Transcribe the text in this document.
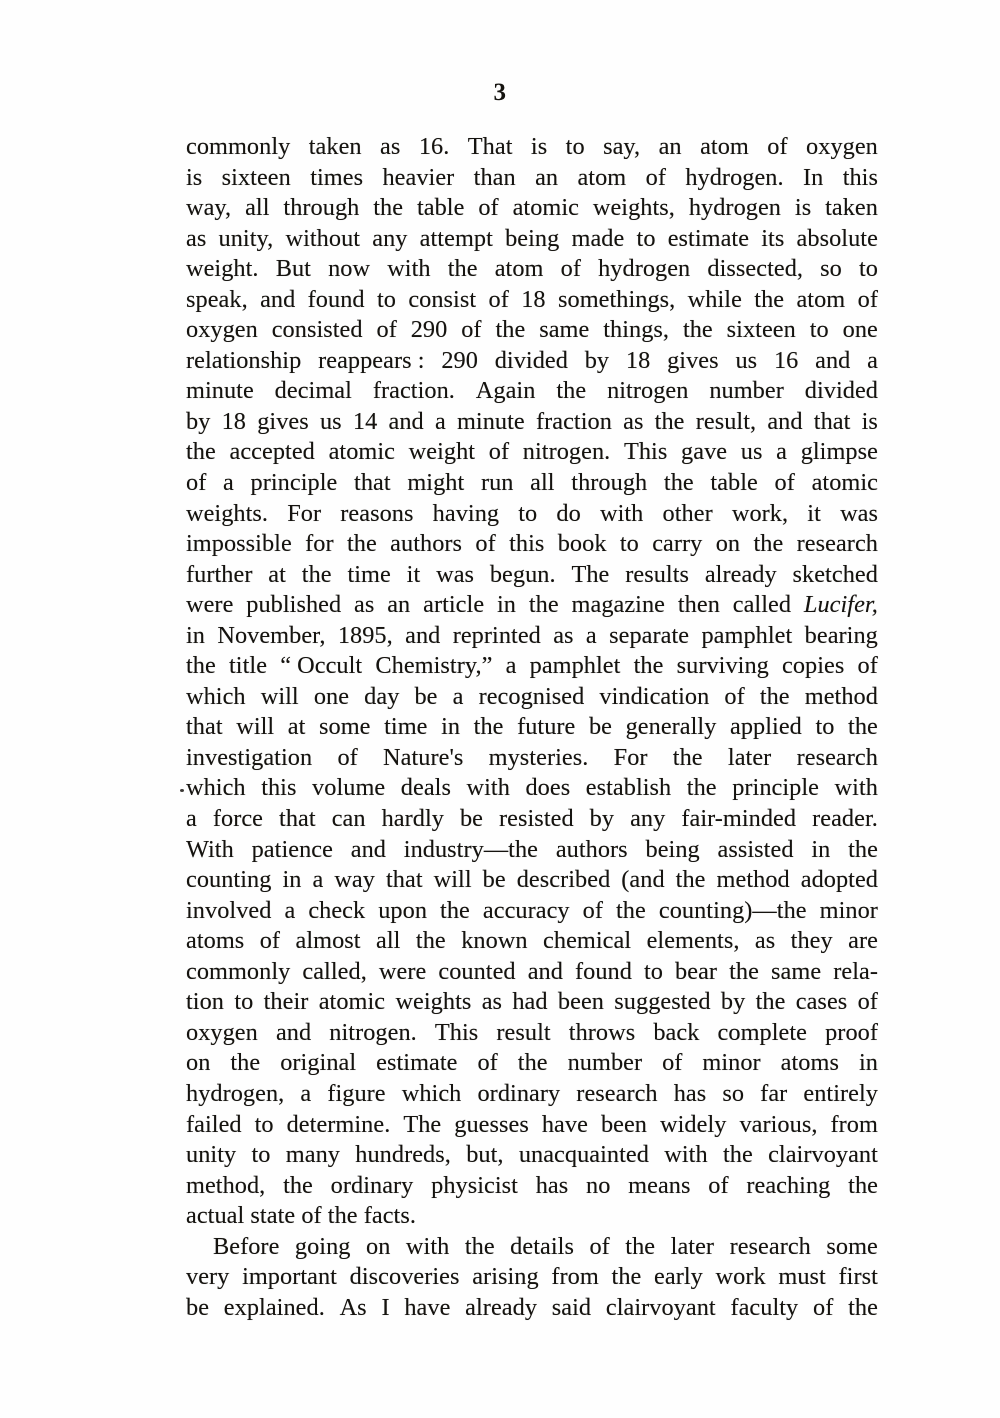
3
commonly taken as 16. That is to say, an atom of oxygen
is sixteen times heavier than an atom of hydrogen. In this
way, all through the table of atomic weights, hydrogen is taken
as unity, without any attempt being made to estimate its absolute
weight. But now with the atom of hydrogen dissected, so to
speak, and found to consist of 18 somethings, while the atom of
oxygen consisted of 290 of the same things, the sixteen to one
relationship reappears : 290 divided by 18 gives us 16 and a
minute decimal fraction. Again the nitrogen number divided
by 18 gives us 14 and a minute fraction as the result, and that is
the accepted atomic weight of nitrogen. This gave us a glimpse
of a principle that might run all through the table of atomic
weights. For reasons having to do with other work, it was
impossible for the authors of this book to carry on the research
further at the time it was begun. The results already sketched
were published as an article in the magazine then called Lucifer,
in November, 1895, and reprinted as a separate pamphlet bearing
the title “ Occult Chemistry,” a pamphlet the surviving copies of
which will one day be a recognised vindication of the method
that will at some time in the future be generally applied to the
investigation of Nature's mysteries. For the later research
which this volume deals with does establish the principle with
a force that can hardly be resisted by any fair-minded reader.
With patience and industry—the authors being assisted in the
counting in a way that will be described (and the method adopted
involved a check upon the accuracy of the counting)—the minor
atoms of almost all the known chemical elements, as they are
commonly called, were counted and found to bear the same rela-
tion to their atomic weights as had been suggested by the cases of
oxygen and nitrogen. This result throws back complete proof
on the original estimate of the number of minor atoms in
hydrogen, a figure which ordinary research has so far entirely
failed to determine. The guesses have been widely various, from
unity to many hundreds, but, unacquainted with the clairvoyant
method, the ordinary physicist has no means of reaching the
actual state of the facts.
Before going on with the details of the later research some
very important discoveries arising from the early work must first
be explained. As I have already said clairvoyant faculty of the
